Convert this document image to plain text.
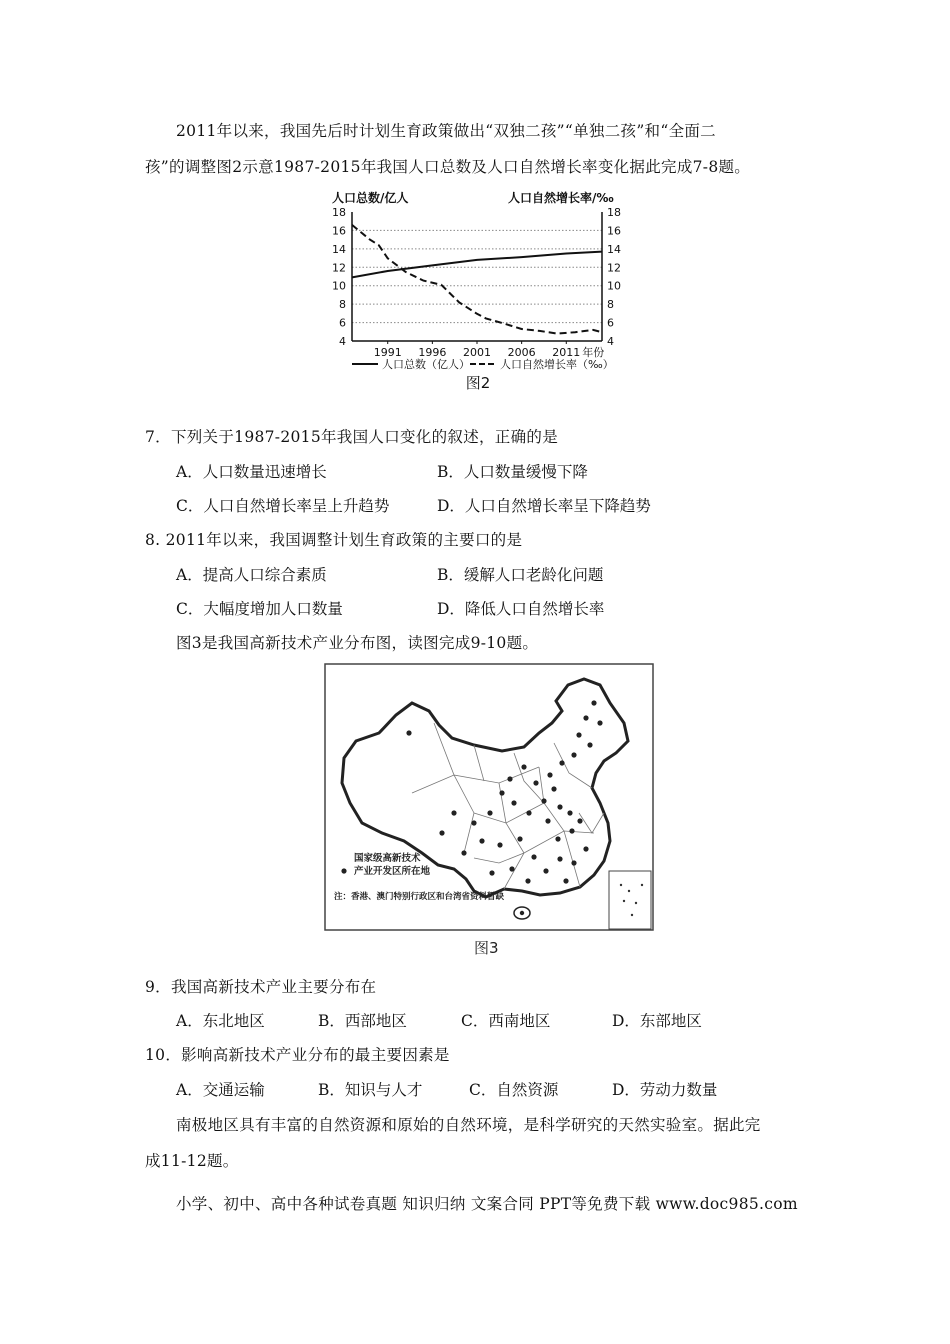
2011年以来，我国先后时计划生育政策做出“双独二孩”“单独二孩”和“全面二
孩”的调整图2示意1987-2015年我国人口总数及人口自然增长率变化据此完成7-8题。
人口总数/亿人	人口自然增长率/‰
4	4
6	6
8	8
10	10
12	12
14	14
16	16
18	18
1991 1996 2001 2006 2011 年份
人口总数（亿人）	人口自然增长率（‰）
图2
7．下列关于1987-2015年我国人口变化的叙述，正确的是
A．人口数量迅速增长	B．人口数量缓慢下降
C．人口自然增长率呈上升趋势	D．人口自然增长率呈下降趋势
8. 2011年以来，我国调整计划生育政策的主要口的是
A．提高人口综合素质	B．缓解人口老龄化问题
C．大幅度增加人口数量	D．降低人口自然增长率
图3是我国高新技术产业分布图，读图完成9-10题。
国家级高新技术
产业开发区所在地
注：香港、澳门特别行政区和台湾省资料暂缺
图3
9．我国高新技术产业主要分布在
A．东北地区	B．西部地区	C．西南地区	D．东部地区
10．影响高新技术产业分布的最主要因素是
A．交通运输	B．知识与人才	C．自然资源	D．劳动力数量
南极地区具有丰富的自然资源和原始的自然环境，是科学研究的天然实验室。据此完
成11-12题。
小学、初中、高中各种试卷真题 知识归纳 文案合同 PPT等免费下载 www.doc985.com
